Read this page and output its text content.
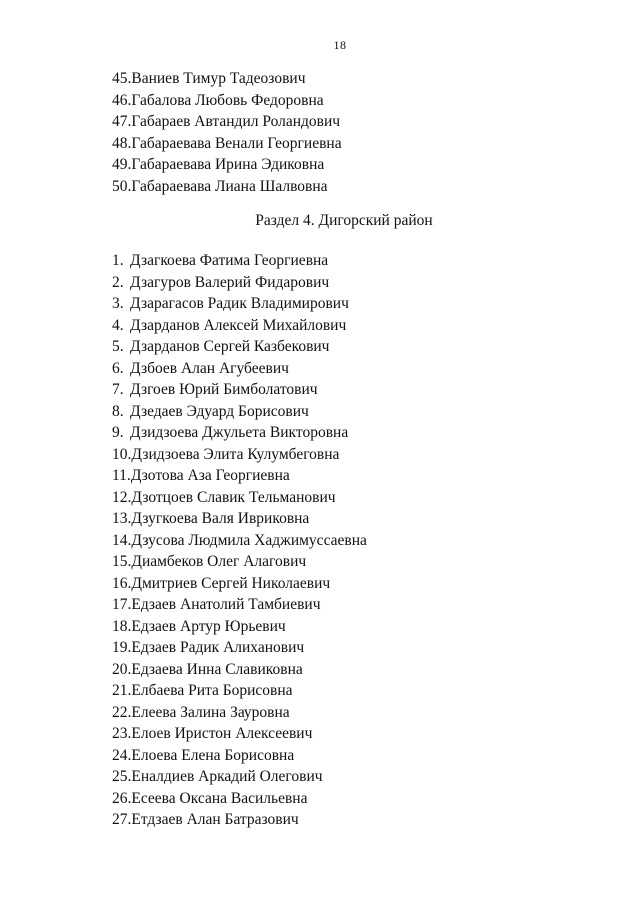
18
45.Ваниев Тимур Тадеозович
46.Габалова Любовь Федоровна
47.Габараев Автандил Роландович
48.Габараевава Венали Георгиевна
49.Габараевава Ирина Эдиковна
50.Габараевава Лиана Шалвовна
Раздел 4. Дигорский район
1. Дзагкоева Фатима Георгиевна
2. Дзагуров Валерий Фидарович
3. Дзарагасов Радик Владимирович
4. Дзарданов Алексей Михайлович
5. Дзарданов Сергей Казбекович
6. Дзбоев Алан Агубеевич
7. Дзгоев Юрий Бимболатович
8. Дзедаев Эдуард Борисович
9. Дзидзоева Джульета Викторовна
10.Дзидзоева Элита Кулумбеговна
11.Дзотова Аза Георгиевна
12.Дзотцоев Славик Тельманович
13.Дзугкоева Валя Ивриковна
14.Дзусова Людмила Хаджимуссаевна
15.Диамбеков Олег Алагович
16.Дмитриев Сергей Николаевич
17.Едзаев Анатолий Тамбиевич
18.Едзаев Артур Юрьевич
19.Едзаев Радик Алиханович
20.Едзаева Инна Славиковна
21.Елбаева Рита Борисовна
22.Елеева Залина Зауровна
23.Елоев Иристон Алексеевич
24.Елоева Елена Борисовна
25.Еналдиев Аркадий Олегович
26.Есеева Оксана Васильевна
27.Етдзаев Алан Батразович
